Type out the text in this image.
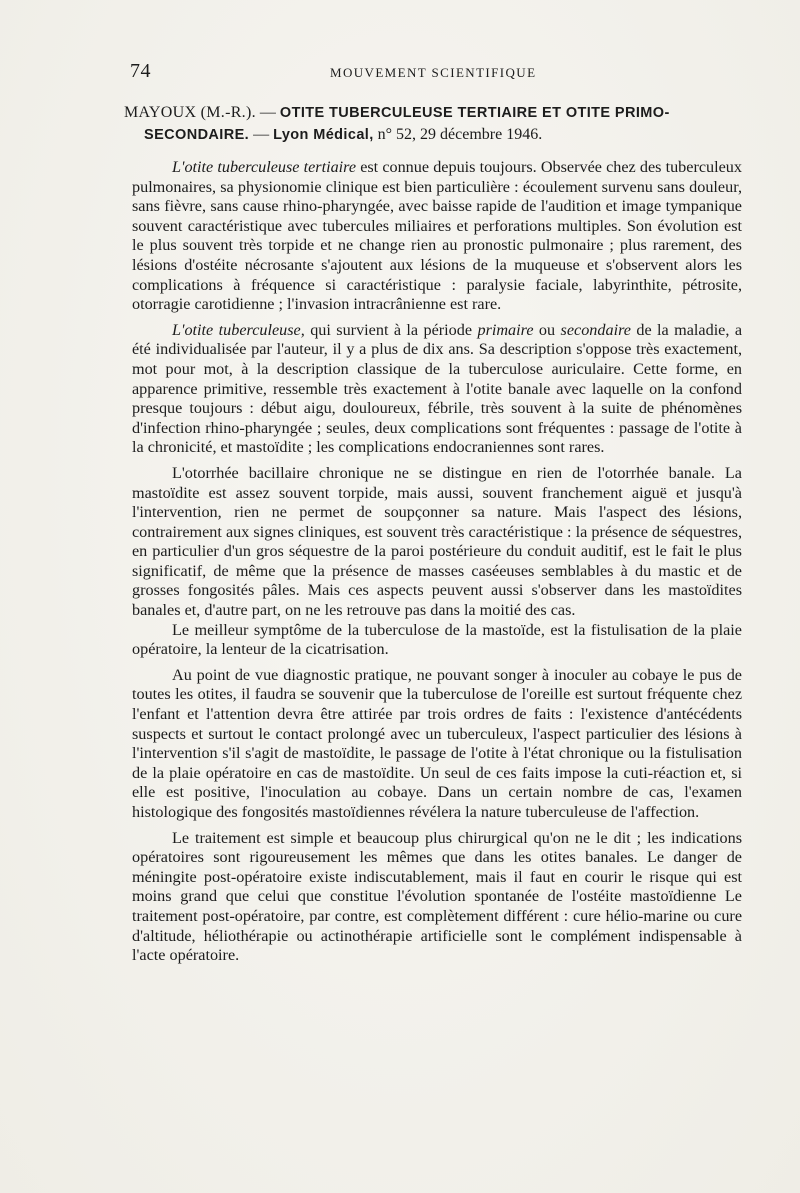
74	MOUVEMENT SCIENTIFIQUE
MAYOUX (M.-R.). — OTITE TUBERCULEUSE TERTIAIRE ET OTITE PRIMO-
SECONDAIRE. — Lyon Médical, n° 52, 29 décembre 1946.

L'otite tuberculeuse tertiaire est connue depuis toujours. Observée chez des tuberculeux pulmonaires, sa physionomie clinique est bien particulière : écoulement survenu sans douleur, sans fièvre, sans cause rhino-pharyngée, avec baisse rapide de l'audition et image tympanique souvent caractéristique avec tubercules miliaires et perforations multiples. Son évolution est le plus souvent très torpide et ne change rien au pronostic pulmonaire ; plus rarement, des lésions d'ostéite nécrosante s'ajoutent aux lésions de la muqueuse et s'observent alors les complications à fréquence si caractéristique : paralysie faciale, labyrinthite, pétrosite, otorragie carotidienne ; l'invasion intracrânienne est rare.

L'otite tuberculeuse, qui survient à la période primaire ou secondaire de la maladie, a été individualisée par l'auteur, il y a plus de dix ans. Sa description s'oppose très exactement, mot pour mot, à la description classique de la tuberculose auriculaire. Cette forme, en apparence primitive, ressemble très exactement à l'otite banale avec laquelle on la confond presque toujours : début aigu, douloureux, fébrile, très souvent à la suite de phénomènes d'infection rhino-pharyngée ; seules, deux complications sont fréquentes : passage de l'otite à la chronicité, et mastoïdite ; les complications endocraniennes sont rares.

L'otorrhée bacillaire chronique ne se distingue en rien de l'otorrhée banale. La mastoïdite est assez souvent torpide, mais aussi, souvent franchement aiguë et jusqu'à l'intervention, rien ne permet de soupçonner sa nature. Mais l'aspect des lésions, contrairement aux signes cliniques, est souvent très caractéristique : la présence de séquestres, en particulier d'un gros séquestre de la paroi postérieure du conduit auditif, est le fait le plus significatif, de même que la présence de masses caséeuses semblables à du mastic et de grosses fongosités pâles. Mais ces aspects peuvent aussi s'observer dans les mastoïdites banales et, d'autre part, on ne les retrouve pas dans la moitié des cas.

Le meilleur symptôme de la tuberculose de la mastoïde, est la fistulisation de la plaie opératoire, la lenteur de la cicatrisation.

Au point de vue diagnostic pratique, ne pouvant songer à inoculer au cobaye le pus de toutes les otites, il faudra se souvenir que la tuberculose de l'oreille est surtout fréquente chez l'enfant et l'attention devra être attirée par trois ordres de faits : l'existence d'antécédents suspects et surtout le contact prolongé avec un tuberculeux, l'aspect particulier des lésions à l'intervention s'il s'agit de mastoïdite, le passage de l'otite à l'état chronique ou la fistulisation de la plaie opératoire en cas de mastoïdite. Un seul de ces faits impose la cuti-réaction et, si elle est positive, l'inoculation au cobaye. Dans un certain nombre de cas, l'examen histologique des fongosités mastoïdiennes révélera la nature tuberculeuse de l'affection.

Le traitement est simple et beaucoup plus chirurgical qu'on ne le dit ; les indications opératoires sont rigoureusement les mêmes que dans les otites banales. Le danger de méningite post-opératoire existe indiscutablement, mais il faut en courir le risque qui est moins grand que celui que constitue l'évolution spontanée de l'ostéite mastoïdienne Le traitement post-opératoire, par contre, est complètement différent : cure hélio-marine ou cure d'altitude, héliothérapie ou actinothérapie artificielle sont le complément indispensable à l'acte opératoire.
